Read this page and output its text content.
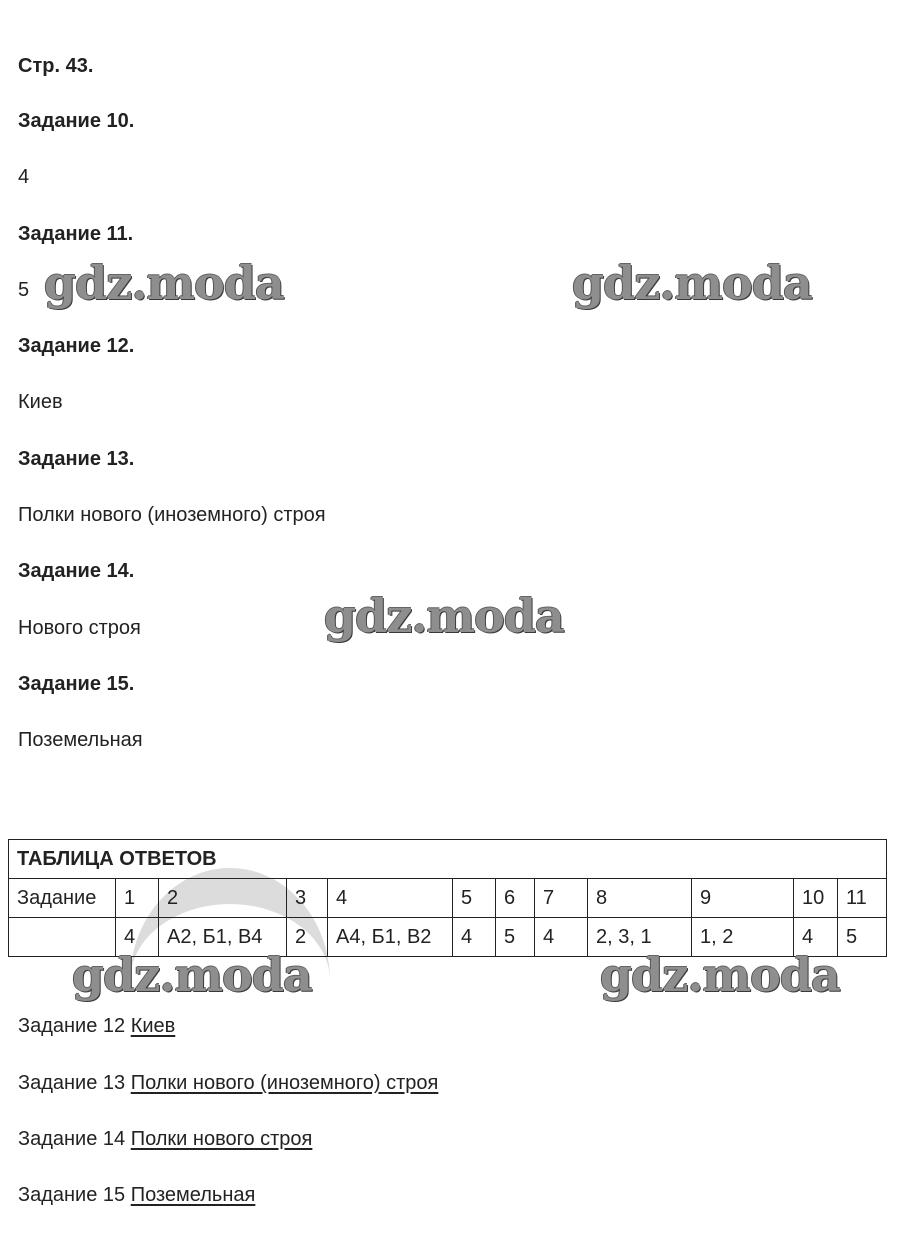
Стр. 43.

Задание 10.

4

Задание 11.

5

Задание 12.

Киев

Задание 13.

Полки нового (иноземного) строя

Задание 14.

Нового строя

Задание 15.

Поземельная

ТАБЛИЦА ОТВЕТОВ											
Задание	1	2	3	4	5	6	7	8	9	10	11
	4	А2, Б1, В4	2	А4, Б1, В2	4	5	4	2, 3, 1	1, 2	4	5

Задание 12 Киев

Задание 13 Полки нового (иноземного) строя

Задание 14 Полки нового строя

Задание 15 Поземельная

gdz.moda	gdz.moda

gdz.moda

gdz.moda	gdz.moda
